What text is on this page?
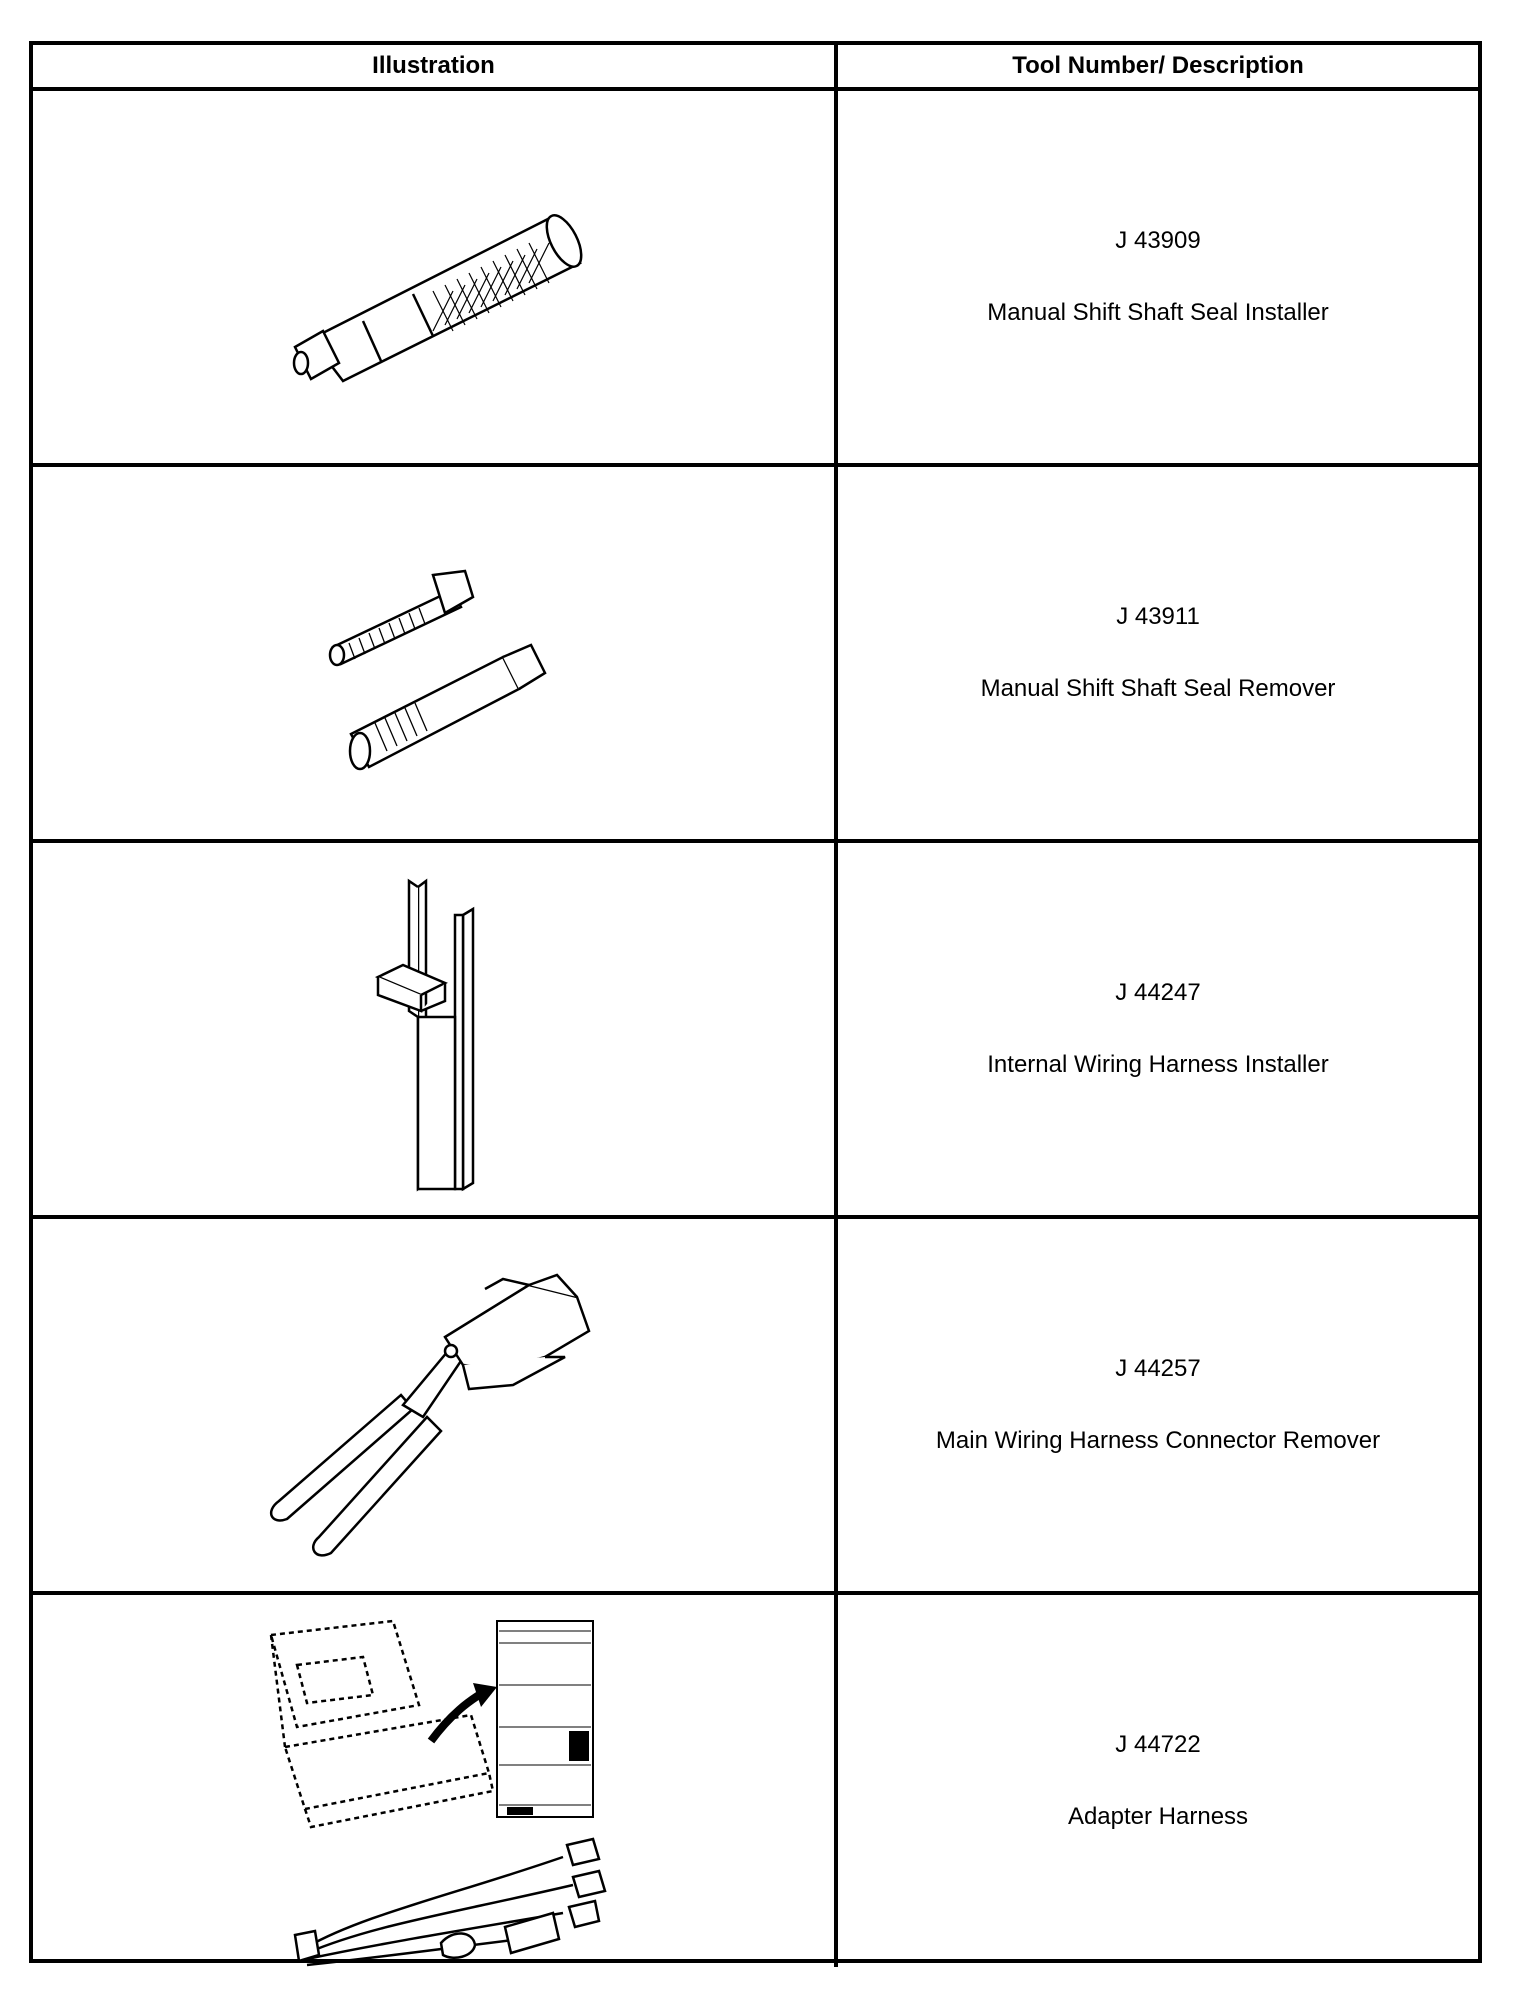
Illustration	Tool Number/ Description
J 43909
Manual Shift Shaft Seal Installer
J 43911
Manual Shift Shaft Seal Remover
J 44247
Internal Wiring Harness Installer
J 44257
Main Wiring Harness Connector Remover
J 44722
Adapter Harness
